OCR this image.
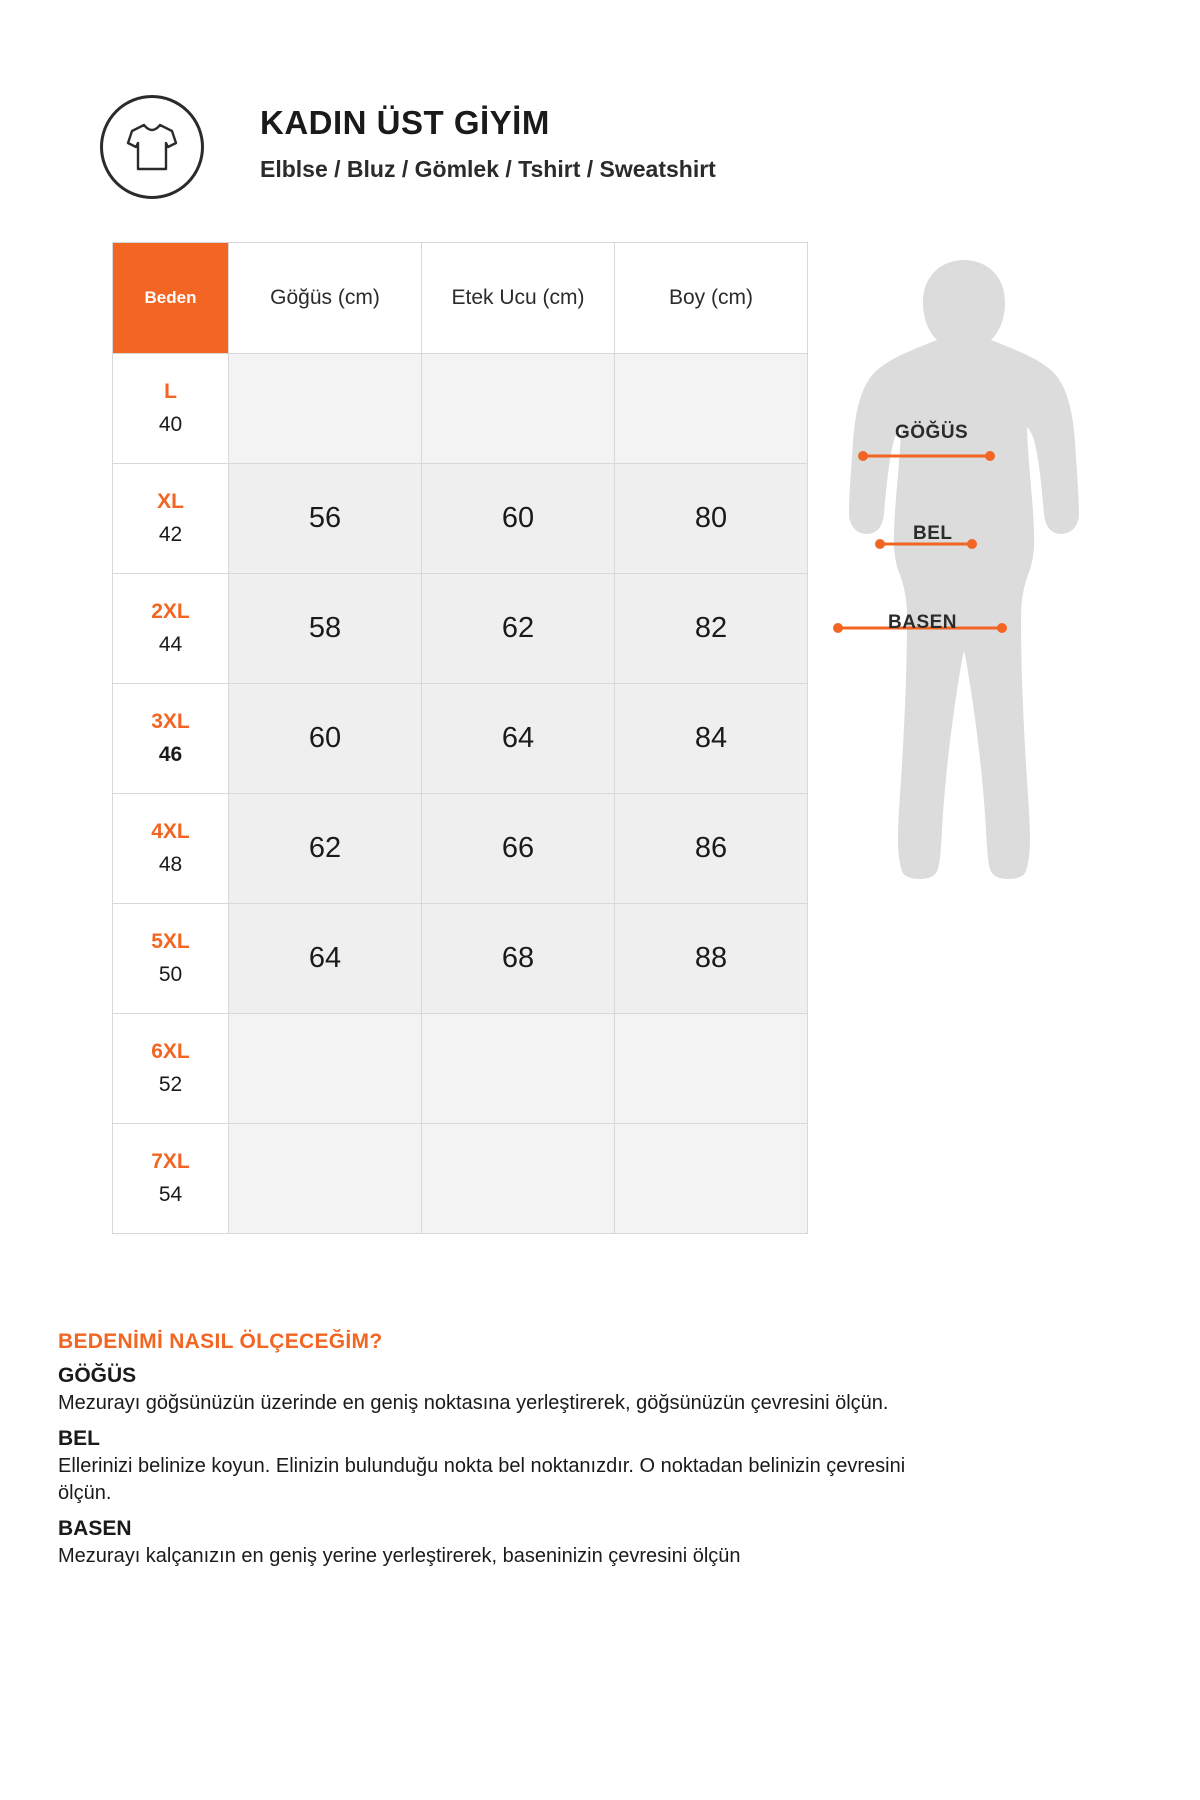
KADIN ÜST GİYİM
Elblse / Bluz / Gömlek / Tshirt / Sweatshirt
Beden	Göğüs (cm)	Etek Ucu (cm)	Boy (cm)

L
40			

XL
42	56	60	80

2XL
44	58	62	82

3XL
46	60	64	84

4XL
48	62	66	86

5XL
50	64	68	88

6XL
52			

7XL
54			

GÖĞÜS
BEL
BASEN
BEDENİMİ NASIL ÖLÇECEĞİM?
GÖĞÜS

Mezurayı göğsünüzün üzerinde en geniş noktasına yerleştirerek, göğsünüzün çevresini ölçün.

BEL

Ellerinizi belinize koyun. Elinizin bulunduğu nokta bel noktanızdır. O noktadan belinizin çevresini ölçün.

BASEN

Mezurayı kalçanızın en geniş yerine yerleştirerek, baseninizin çevresini ölçün
